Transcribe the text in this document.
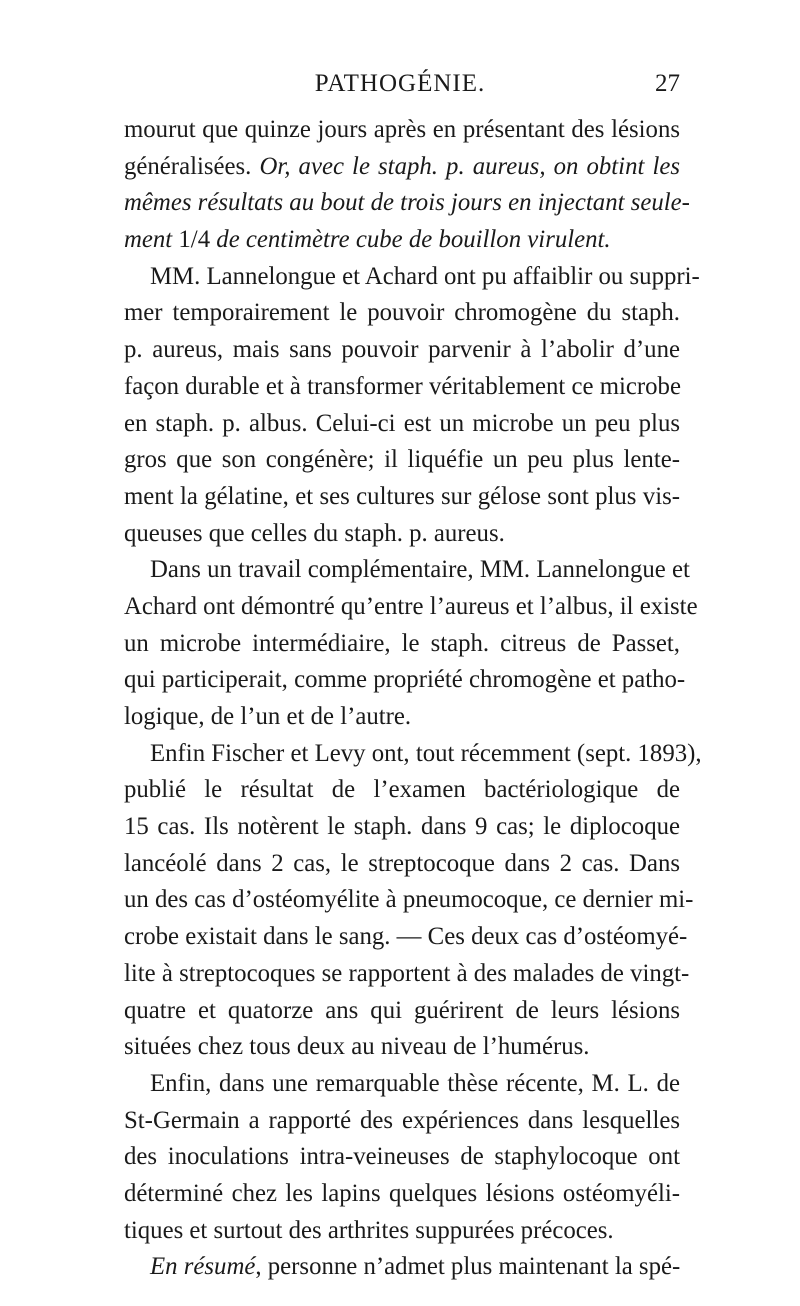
PATHOGÉNIE.	27
mourut que quinze jours après en présentant des lésions
généralisées. Or, avec le staph. p. aureus, on obtint les
mêmes résultats au bout de trois jours en injectant seule-
ment 1/4 de centimètre cube de bouillon virulent.
MM. Lannelongue et Achard ont pu affaiblir ou suppri-
mer temporairement le pouvoir chromogène du staph.
p. aureus, mais sans pouvoir parvenir à l’abolir d’une
façon durable et à transformer véritablement ce microbe
en staph. p. albus. Celui-ci est un microbe un peu plus
gros que son congénère; il liquéfie un peu plus lente-
ment la gélatine, et ses cultures sur gélose sont plus vis-
queuses que celles du staph. p. aureus.
Dans un travail complémentaire, MM. Lannelongue et
Achard ont démontré qu’entre l’aureus et l’albus, il existe
un microbe intermédiaire, le staph. citreus de Passet,
qui participerait, comme propriété chromogène et patho-
logique, de l’un et de l’autre.
Enfin Fischer et Levy ont, tout récemment (sept. 1893),
publié le résultat de l’examen bactériologique de
15 cas. Ils notèrent le staph. dans 9 cas; le diplocoque
lancéolé dans 2 cas, le streptocoque dans 2 cas. Dans
un des cas d’ostéomyélite à pneumocoque, ce dernier mi-
crobe existait dans le sang. — Ces deux cas d’ostéomyé-
lite à streptocoques se rapportent à des malades de vingt-
quatre et quatorze ans qui guérirent de leurs lésions
situées chez tous deux au niveau de l’humérus.
Enfin, dans une remarquable thèse récente, M. L. de
St-Germain a rapporté des expériences dans lesquelles
des inoculations intra-veineuses de staphylocoque ont
déterminé chez les lapins quelques lésions ostéomyéli-
tiques et surtout des arthrites suppurées précoces.
En résumé, personne n’admet plus maintenant la spé-
